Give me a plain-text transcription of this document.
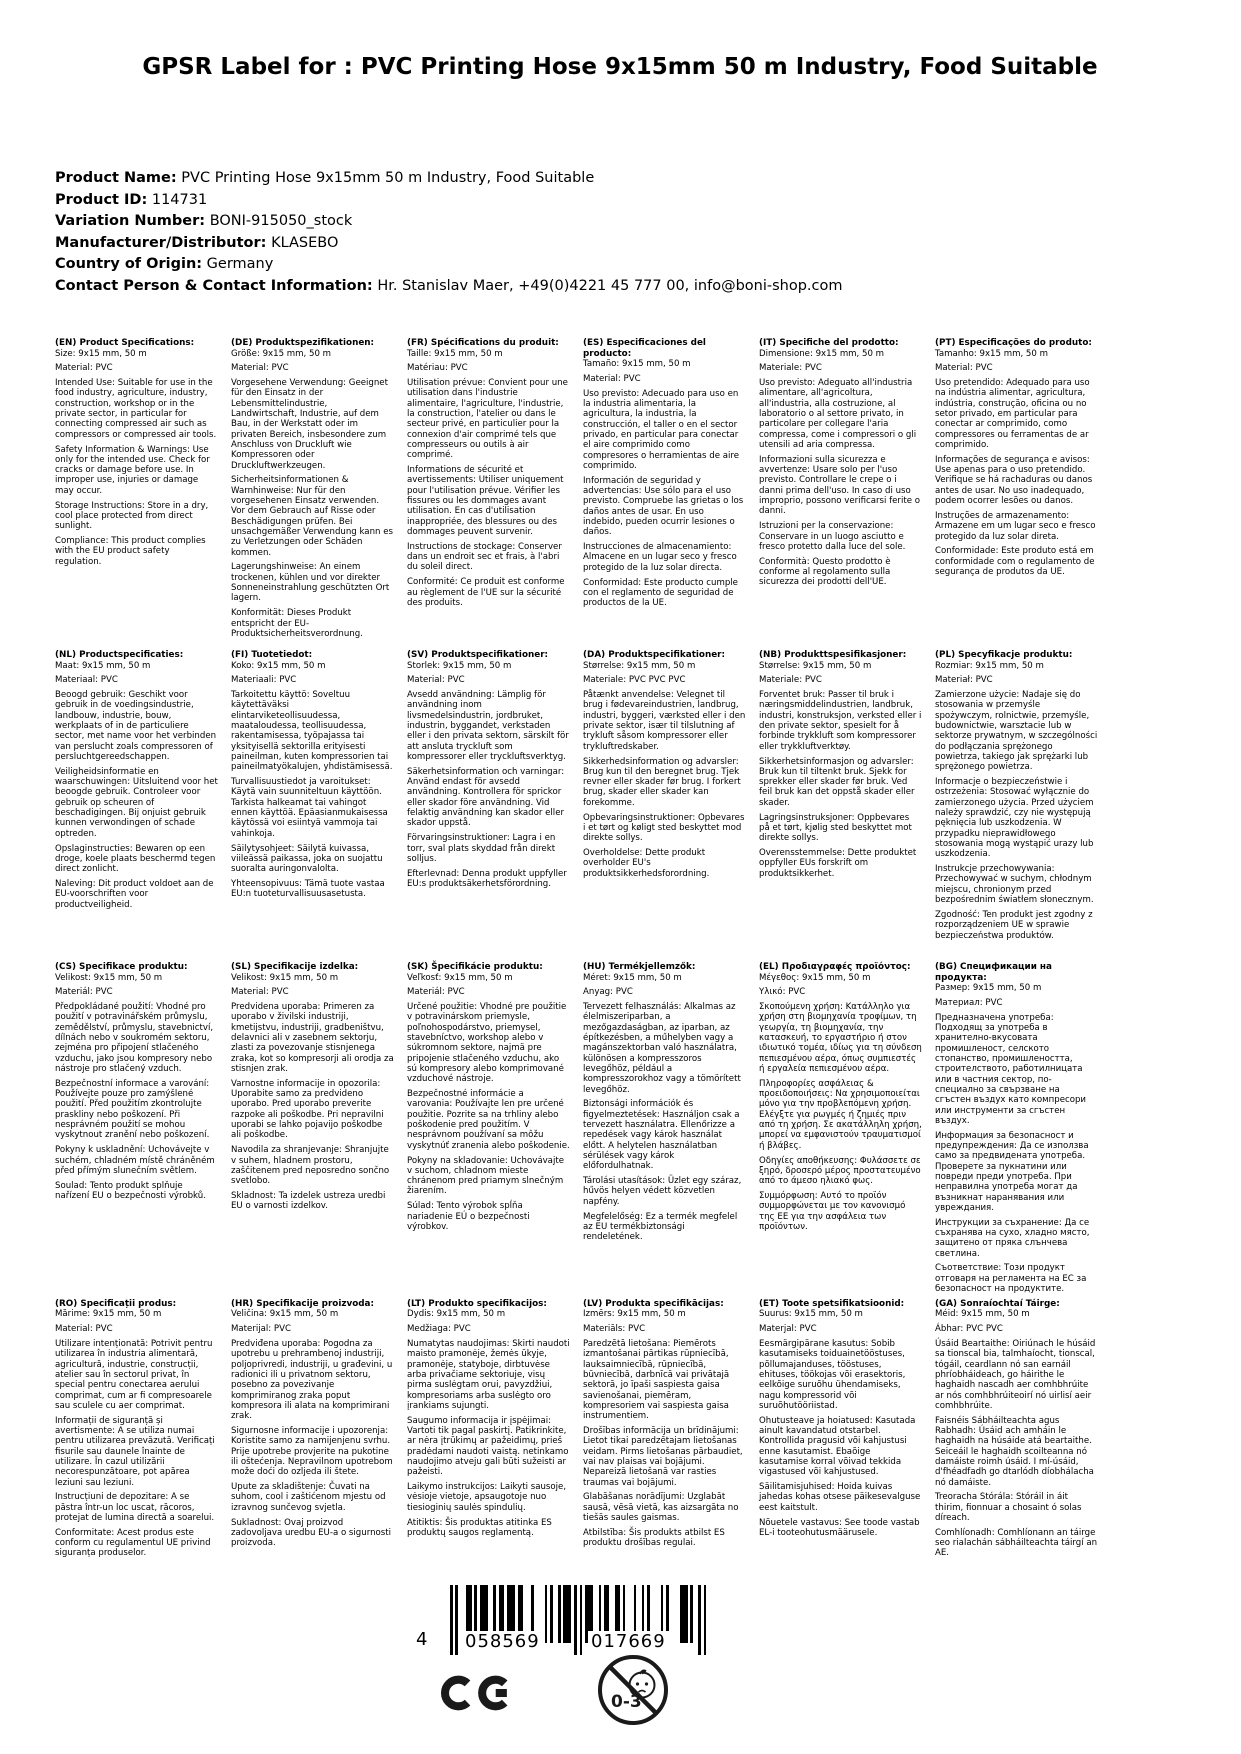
GPSR Label for : PVC Printing Hose 9x15mm 50 m Industry, Food Suitable
Product Name: PVC Printing Hose 9x15mm 50 m Industry, Food Suitable
Product ID: 114731
Variation Number: BONI-915050_stock
Manufacturer/Distributor: KLASEBO
Country of Origin: Germany
Contact Person & Contact Information: Hr. Stanislav Maer, +49(0)4221 45 777 00, info@boni-shop.com
(EN) Product Specifications:

Size: 9x15 mm, 50 m

Material: PVC

Intended Use: Suitable for use in the food industry, agriculture, industry, construction, workshop or in the private sector, in particular for connecting compressed air such as compressors or compressed air tools.

Safety Information & Warnings: Use only for the intended use. Check for cracks or damage before use. In improper use, injuries or damage may occur.

Storage Instructions: Store in a dry, cool place protected from direct sunlight.

Compliance: This product complies with the EU product safety regulation.

(DE) Produktspezifikationen:

Größe: 9x15 mm, 50 m

Material: PVC

Vorgesehene Verwendung: Geeignet für den Einsatz in der Lebensmittelindustrie, Landwirtschaft, Industrie, auf dem Bau, in der Werkstatt oder im privaten Bereich, insbesondere zum Anschluss von Druckluft wie Kompressoren oder Druckluftwerkzeugen.

Sicherheitsinformationen & Warnhinweise: Nur für den vorgesehenen Einsatz verwenden. Vor dem Gebrauch auf Risse oder Beschädigungen prüfen. Bei unsachgemäßer Verwendung kann es zu Verletzungen oder Schäden kommen.

Lagerungshinweise: An einem trockenen, kühlen und vor direkter Sonneneinstrahlung geschützten Ort lagern.

Konformität: Dieses Produkt entspricht der EU-Produktsicherheitsverordnung.

(FR) Spécifications du produit:

Taille: 9x15 mm, 50 m

Matériau: PVC

Utilisation prévue: Convient pour une utilisation dans l'industrie alimentaire, l'agriculture, l'industrie, la construction, l'atelier ou dans le secteur privé, en particulier pour la connexion d'air comprimé tels que compresseurs ou outils à air comprimé.

Informations de sécurité et avertissements: Utiliser uniquement pour l'utilisation prévue. Vérifier les fissures ou les dommages avant utilisation. En cas d'utilisation inappropriée, des blessures ou des dommages peuvent survenir.

Instructions de stockage: Conserver dans un endroit sec et frais, à l'abri du soleil direct.

Conformité: Ce produit est conforme au règlement de l'UE sur la sécurité des produits.

(ES) Especificaciones del producto:

Tamaño: 9x15 mm, 50 m

Material: PVC

Uso previsto: Adecuado para uso en la industria alimentaria, la agricultura, la industria, la construcción, el taller o en el sector privado, en particular para conectar el aire comprimido como compresores o herramientas de aire comprimido.

Información de seguridad y advertencias: Use sólo para el uso previsto. Compruebe las grietas o los daños antes de usar. En uso indebido, pueden ocurrir lesiones o daños.

Instrucciones de almacenamiento: Almacene en un lugar seco y fresco protegido de la luz solar directa.

Conformidad: Este producto cumple con el reglamento de seguridad de productos de la UE.

(IT) Specifiche del prodotto:

Dimensione: 9x15 mm, 50 m

Materiale: PVC

Uso previsto: Adeguato all'industria alimentare, all'agricoltura, all'industria, alla costruzione, al laboratorio o al settore privato, in particolare per collegare l'aria compressa, come i compressori o gli utensili ad aria compressa.

Informazioni sulla sicurezza e avvertenze: Usare solo per l'uso previsto. Controllare le crepe o i danni prima dell'uso. In caso di uso improprio, possono verificarsi ferite o danni.

Istruzioni per la conservazione: Conservare in un luogo asciutto e fresco protetto dalla luce del sole.

Conformità: Questo prodotto è conforme al regolamento sulla sicurezza dei prodotti dell'UE.

(PT) Especificações do produto:

Tamanho: 9x15 mm, 50 m

Material: PVC

Uso pretendido: Adequado para uso na indústria alimentar, agricultura, indústria, construção, oficina ou no setor privado, em particular para conectar ar comprimido, como compressores ou ferramentas de ar comprimido.

Informações de segurança e avisos: Use apenas para o uso pretendido. Verifique se há rachaduras ou danos antes de usar. No uso inadequado, podem ocorrer lesões ou danos.

Instruções de armazenamento: Armazene em um lugar seco e fresco protegido da luz solar direta.

Conformidade: Este produto está em conformidade com o regulamento de segurança de produtos da UE.

(NL) Productspecificaties:

Maat: 9x15 mm, 50 m

Materiaal: PVC

Beoogd gebruik: Geschikt voor gebruik in de voedingsindustrie, landbouw, industrie, bouw, werkplaats of in de particuliere sector, met name voor het verbinden van perslucht zoals compressoren of persluchtgereedschappen.

Veiligheidsinformatie en waarschuwingen: Uitsluitend voor het beoogde gebruik. Controleer voor gebruik op scheuren of beschadigingen. Bij onjuist gebruik kunnen verwondingen of schade optreden.

Opslaginstructies: Bewaren op een droge, koele plaats beschermd tegen direct zonlicht.

Naleving: Dit product voldoet aan de EU-voorschriften voor productveiligheid.

(FI) Tuotetiedot:

Koko: 9x15 mm, 50 m

Materiaali: PVC

Tarkoitettu käyttö: Soveltuu käytettäväksi elintarviketeollisuudessa, maataloudessa, teollisuudessa, rakentamisessa, työpajassa tai yksityisellä sektorilla erityisesti paineilman, kuten kompressorien tai paineilmatyökalujen, yhdistämisessä.

Turvallisuustiedot ja varoitukset: Käytä vain suunniteltuun käyttöön. Tarkista halkeamat tai vahingot ennen käyttöä. Epäasianmukaisessa käytössä voi esiintyä vammoja tai vahinkoja.

Säilytysohjeet: Säilytä kuivassa, viileässä paikassa, joka on suojattu suoralta auringonvalolta.

Yhteensopivuus: Tämä tuote vastaa EU:n tuoteturvallisuusasetusta.

(SV) Produktspecifikationer:

Storlek: 9x15 mm, 50 m

Material: PVC

Avsedd användning: Lämplig för användning inom livsmedelsindustrin, jordbruket, industrin, byggandet, verkstaden eller i den privata sektorn, särskilt för att ansluta tryckluft som kompressorer eller tryckluftsverktyg.

Säkerhetsinformation och varningar: Använd endast för avsedd användning. Kontrollera för sprickor eller skador före användning. Vid felaktig användning kan skador eller skador uppstå.

Förvaringsinstruktioner: Lagra i en torr, sval plats skyddad från direkt solljus.

Efterlevnad: Denna produkt uppfyller EU:s produktsäkerhetsförordning.

(DA) Produktspecifikationer:

Størrelse: 9x15 mm, 50 m

Materiale: PVC PVC PVC

Påtænkt anvendelse: Velegnet til brug i fødevareindustrien, landbrug, industri, byggeri, værksted eller i den private sektor, især til tilslutning af trykluft såsom kompressorer eller trykluftredskaber.

Sikkerhedsinformation og advarsler: Brug kun til den beregnet brug. Tjek revner eller skader før brug. I forkert brug, skader eller skader kan forekomme.

Opbevaringsinstruktioner: Opbevares i et tørt og køligt sted beskyttet mod direkte sollys.

Overholdelse: Dette produkt overholder EU's produktsikkerhedsforordning.

(NB) Produkttspesifikasjoner:

Størrelse: 9x15 mm, 50 m

Materiale: PVC

Forventet bruk: Passer til bruk i næringsmiddelindustrien, landbruk, industri, konstruksjon, verksted eller i den private sektor, spesielt for å forbinde trykkluft som kompressorer eller trykkluftverktøy.

Sikkerhetsinformasjon og advarsler: Bruk kun til tiltenkt bruk. Sjekk for sprekker eller skader før bruk. Ved feil bruk kan det oppstå skader eller skader.

Lagringsinstruksjoner: Oppbevares på et tørt, kjølig sted beskyttet mot direkte sollys.

Overensstemmelse: Dette produktet oppfyller EUs forskrift om produktsikkerhet.

(PL) Specyfikacje produktu:

Rozmiar: 9x15 mm, 50 m

Materiał: PVC

Zamierzone użycie: Nadaje się do stosowania w przemyśle spożywczym, rolnictwie, przemyśle, budownictwie, warsztacie lub w sektorze prywatnym, w szczególności do podłączania sprężonego powietrza, takiego jak sprężarki lub sprężonego powietrza.

Informacje o bezpieczeństwie i ostrzeżenia: Stosować wyłącznie do zamierzonego użycia. Przed użyciem należy sprawdzić, czy nie występują pęknięcia lub uszkodzenia. W przypadku nieprawidłowego stosowania mogą wystąpić urazy lub uszkodzenia.

Instrukcje przechowywania: Przechowywać w suchym, chłodnym miejscu, chronionym przed bezpośrednim światłem słonecznym.

Zgodność: Ten produkt jest zgodny z rozporządzeniem UE w sprawie bezpieczeństwa produktów.

(CS) Specifikace produktu:

Velikost: 9x15 mm, 50 m

Materiál: PVC

Předpokládané použití: Vhodné pro použití v potravinářském průmyslu, zemědělství, průmyslu, stavebnictví, dílnách nebo v soukromém sektoru, zejména pro připojení stlačeného vzduchu, jako jsou kompresory nebo nástroje pro stlačený vzduch.

Bezpečnostní informace a varování: Používejte pouze pro zamýšlené použití. Před použitím zkontrolujte praskliny nebo poškození. Při nesprávném použití se mohou vyskytnout zranění nebo poškození.

Pokyny k uskladnění: Uchovávejte v suchém, chladném místě chráněném před přímým slunečním světlem.

Soulad: Tento produkt splňuje nařízení EU o bezpečnosti výrobků.

(SL) Specifikacije izdelka:

Velikost: 9x15 mm, 50 m

Material: PVC

Predvidena uporaba: Primeren za uporabo v živilski industriji, kmetijstvu, industriji, gradbeništvu, delavnici ali v zasebnem sektorju, zlasti za povezovanje stisnjenega zraka, kot so kompresorji ali orodja za stisnjen zrak.

Varnostne informacije in opozorila: Uporabite samo za predvideno uporabo. Pred uporabo preverite razpoke ali poškodbe. Pri nepravilni uporabi se lahko pojavijo poškodbe ali poškodbe.

Navodila za shranjevanje: Shranjujte v suhem, hladnem prostoru, zaščitenem pred neposredno sončno svetlobo.

Skladnost: Ta izdelek ustreza uredbi EU o varnosti izdelkov.

(SK) Špecifikácie produktu:

Veľkosť: 9x15 mm, 50 m

Materiál: PVC

Určené použitie: Vhodné pre použitie v potravinárskom priemysle, poľnohospodárstvo, priemysel, stavebníctvo, workshop alebo v súkromnom sektore, najmä pre pripojenie stlačeného vzduchu, ako sú kompresory alebo komprimované vzduchové nástroje.

Bezpečnostné informácie a varovania: Používajte len pre určené použitie. Pozrite sa na trhliny alebo poškodenie pred použitím. V nesprávnom používaní sa môžu vyskytnúť zranenia alebo poškodenie.

Pokyny na skladovanie: Uchovávajte v suchom, chladnom mieste chránenom pred priamym slnečným žiarením.

Súlad: Tento výrobok spĺňa nariadenie EÚ o bezpečnosti výrobkov.

(HU) Termékjellemzők:

Méret: 9x15 mm, 50 m

Anyag: PVC

Tervezett felhasználás: Alkalmas az élelmiszeriparban, a mezőgazdaságban, az iparban, az építkezésben, a műhelyben vagy a magánszektorban való használatra, különösen a kompresszoros levegőhöz, például a kompresszorokhoz vagy a tömörített levegőhöz.

Biztonsági információk és figyelmeztetések: Használjon csak a tervezett használatra. Ellenőrizze a repedések vagy károk használat előtt. A helytelen használatban sérülések vagy károk előfordulhatnak.

Tárolási utasítások: Üzlet egy száraz, hűvös helyen védett közvetlen napfény.

Megfelelőség: Ez a termék megfelel az EU termékbiztonsági rendeletének.

(EL) Προδιαγραφές προϊόντος:

Μέγεθος: 9x15 mm, 50 m

Υλικό: PVC

Σκοπούμενη χρήση: Κατάλληλο για χρήση στη βιομηχανία τροφίμων, τη γεωργία, τη βιομηχανία, την κατασκευή, το εργαστήριο ή στον ιδιωτικό τομέα, ιδίως για τη σύνδεση πεπιεσμένου αέρα, όπως συμπιεστές ή εργαλεία πεπιεσμένου αέρα.

Πληροφορίες ασφάλειας & προειδοποιήσεις: Να χρησιμοποιείται μόνο για την προβλεπόμενη χρήση. Ελέγξτε για ρωγμές ή ζημιές πριν από τη χρήση. Σε ακατάλληλη χρήση, μπορεί να εμφανιστούν τραυματισμοί ή βλάβες.

Οδηγίες αποθήκευσης: Φυλάσσετε σε ξηρό, δροσερό μέρος προστατευμένο από το άμεσο ηλιακό φως.

Συμμόρφωση: Αυτό το προϊόν συμμορφώνεται με τον κανονισμό της ΕΕ για την ασφάλεια των προϊόντων.

(BG) Спецификации на продукта:

Размер: 9x15 mm, 50 m

Материал: PVC

Предназначена употреба: Подходящ за употреба в хранително-вкусовата промишленост, селското стопанство, промишлеността, строителството, работилницата или в частния сектор, по-специално за свързване на сгъстен въздух като компресори или инструменти за сгъстен въздух.

Информация за безопасност и предупреждения: Да се използва само за предвидената употреба. Проверете за пукнатини или повреди преди употреба. При неправилна употреба могат да възникнат наранявания или увреждания.

Инструкции за съхранение: Да се съхранява на сухо, хладно място, защитено от пряка слънчева светлина.

Съответствие: Този продукт отговаря на регламента на ЕС за безопасност на продуктите.

(RO) Specificații produs:

Mărime: 9x15 mm, 50 m

Material: PVC

Utilizare intenționată: Potrivit pentru utilizarea în industria alimentară, agricultură, industrie, construcții, atelier sau în sectorul privat, în special pentru conectarea aerului comprimat, cum ar fi compresoarele sau sculele cu aer comprimat.

Informații de siguranță și avertismente: A se utiliza numai pentru utilizarea prevăzută. Verificați fisurile sau daunele înainte de utilizare. În cazul utilizării necorespunzătoare, pot apărea leziuni sau leziuni.

Instrucțiuni de depozitare: A se păstra într-un loc uscat, răcoros, protejat de lumina directă a soarelui.

Conformitate: Acest produs este conform cu regulamentul UE privind siguranța produselor.

(HR) Specifikacije proizvoda:

Veličina: 9x15 mm, 50 m

Materijal: PVC

Predviđena uporaba: Pogodna za upotrebu u prehrambenoj industriji, poljoprivredi, industriji, u građevini, u radionici ili u privatnom sektoru, posebno za povezivanje komprimiranog zraka poput kompresora ili alata na komprimirani zrak.

Sigurnosne informacije i upozorenja: Koristite samo za namijenjenu svrhu. Prije upotrebe provjerite na pukotine ili oštećenja. Nepravilnom upotrebom može doći do ozljeda ili štete.

Upute za skladištenje: Čuvati na suhom, cool i zaštićenom mjestu od izravnog sunčevog svjetla.

Sukladnost: Ovaj proizvod zadovoljava uredbu EU-a o sigurnosti proizvoda.

(LT) Produkto specifikacijos:

Dydis: 9x15 mm, 50 m

Medžiaga: PVC

Numatytas naudojimas: Skirti naudoti maisto pramonėje, žemės ūkyje, pramonėje, statyboje, dirbtuvėse arba privačiame sektoriuje, visų pirma suslėgtam orui, pavyzdžiui, kompresoriams arba suslėgto oro įrankiams sujungti.

Saugumo informacija ir įspėjimai: Vartoti tik pagal paskirtį. Patikrinkite, ar nėra įtrūkimų ar pažeidimų, prieš pradėdami naudoti vaistą. netinkamo naudojimo atveju gali būti sužeisti ar pažeisti.

Laikymo instrukcijos: Laikyti sausoje, vėsioje vietoje, apsaugotoje nuo tiesioginių saulės spindulių.

Atitiktis: Šis produktas atitinka ES produktų saugos reglamentą.

(LV) Produkta specifikācijas:

Izmērs: 9x15 mm, 50 m

Materiāls: PVC

Paredzētā lietošana: Piemērots izmantošanai pārtikas rūpniecībā, lauksaimniecībā, rūpniecībā, būvniecībā, darbnīcā vai privātajā sektorā, jo īpaši saspiesta gaisa savienošanai, piemēram, kompresoriem vai saspiesta gaisa instrumentiem.

Drošības informācija un brīdinājumi: Lietot tikai paredzētajam lietošanas veidam. Pirms lietošanas pārbaudiet, vai nav plaisas vai bojājumi. Nepareizā lietošanā var rasties traumas vai bojājumi.

Glabāšanas norādījumi: Uzglabāt sausā, vēsā vietā, kas aizsargāta no tiešās saules gaismas.

Atbilstība: Šis produkts atbilst ES produktu drošības regulai.

(ET) Toote spetsifikatsioonid:

Suurus: 9x15 mm, 50 m

Materjal: PVC

Eesmärgipärane kasutus: Sobib kasutamiseks toiduainetööstuses, põllumajanduses, tööstuses, ehituses, töökojas või erasektoris, eelkõige suruõhu ühendamiseks, nagu kompressorid või suruõhutööriistad.

Ohutusteave ja hoiatused: Kasutada ainult kavandatud otstarbel. Kontrollida pragusid või kahjustusi enne kasutamist. Ebaõige kasutamise korral võivad tekkida vigastused või kahjustused.

Säilitamisjuhised: Hoida kuivas jahedas kohas otsese päikesevalguse eest kaitstult.

Nõuetele vastavus: See toode vastab EL-i tooteohutusmäärusele.

(GA) Sonraíochtaí Táirge:

Méid: 9x15 mm, 50 m

Ábhar: PVC PVC

Úsáid Beartaithe: Oiriúnach le húsáid sa tionscal bia, talmhaíocht, tionscal, tógáil, ceardlann nó san earnáil phríobháideach, go háirithe le haghaidh nascadh aer comhbhrúite ar nós comhbhrúiteoirí nó uirlisí aeir comhbhrúite.

Faisnéis Sábháilteachta agus Rabhadh: Úsáid ach amháin le haghaidh na húsáide atá beartaithe. Seiceáil le haghaidh scoilteanna nó damáiste roimh úsáid. I mí-úsáid, d'fhéadfadh go dtarlódh díobhálacha nó damáiste.

Treoracha Stórála: Stóráil in áit thirim, fionnuar a chosaint ó solas díreach.

Comhlíonadh: Comhlíonann an táirge seo rialachán sábháilteachta táirgí an AE.

4 058569	017669
0-3
